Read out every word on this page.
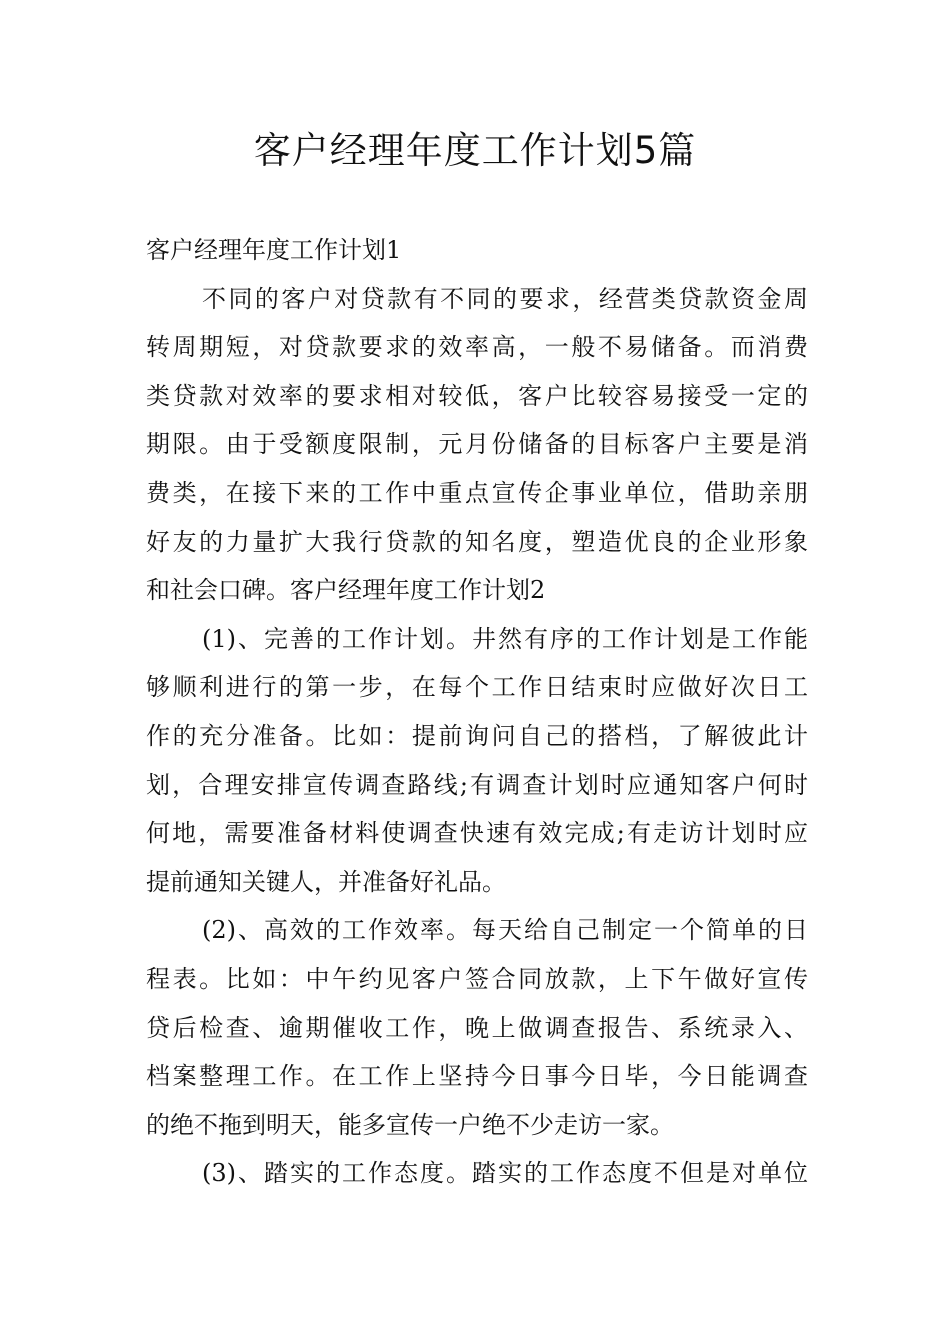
客户经理年度工作计划5篇
客户经理年度工作计划1
不同的客户对贷款有不同的要求，经营类贷款资金周
转周期短，对贷款要求的效率高，一般不易储备。而消费
类贷款对效率的要求相对较低，客户比较容易接受一定的
期限。由于受额度限制，元月份储备的目标客户主要是消
费类，在接下来的工作中重点宣传企事业单位，借助亲朋
好友的力量扩大我行贷款的知名度，塑造优良的企业形象
和社会口碑。客户经理年度工作计划2
(1)、完善的工作计划。井然有序的工作计划是工作能
够顺利进行的第一步，在每个工作日结束时应做好次日工
作的充分准备。比如：提前询问自己的搭档，了解彼此计
划，合理安排宣传调查路线;有调查计划时应通知客户何时
何地，需要准备材料使调查快速有效完成;有走访计划时应
提前通知关键人，并准备好礼品。
(2)、高效的工作效率。每天给自己制定一个简单的日
程表。比如：中午约见客户签合同放款，上下午做好宣传
贷后检查、逾期催收工作，晚上做调查报告、系统录入、
档案整理工作。在工作上坚持今日事今日毕，今日能调查
的绝不拖到明天，能多宣传一户绝不少走访一家。
(3)、踏实的工作态度。踏实的工作态度不但是对单位
